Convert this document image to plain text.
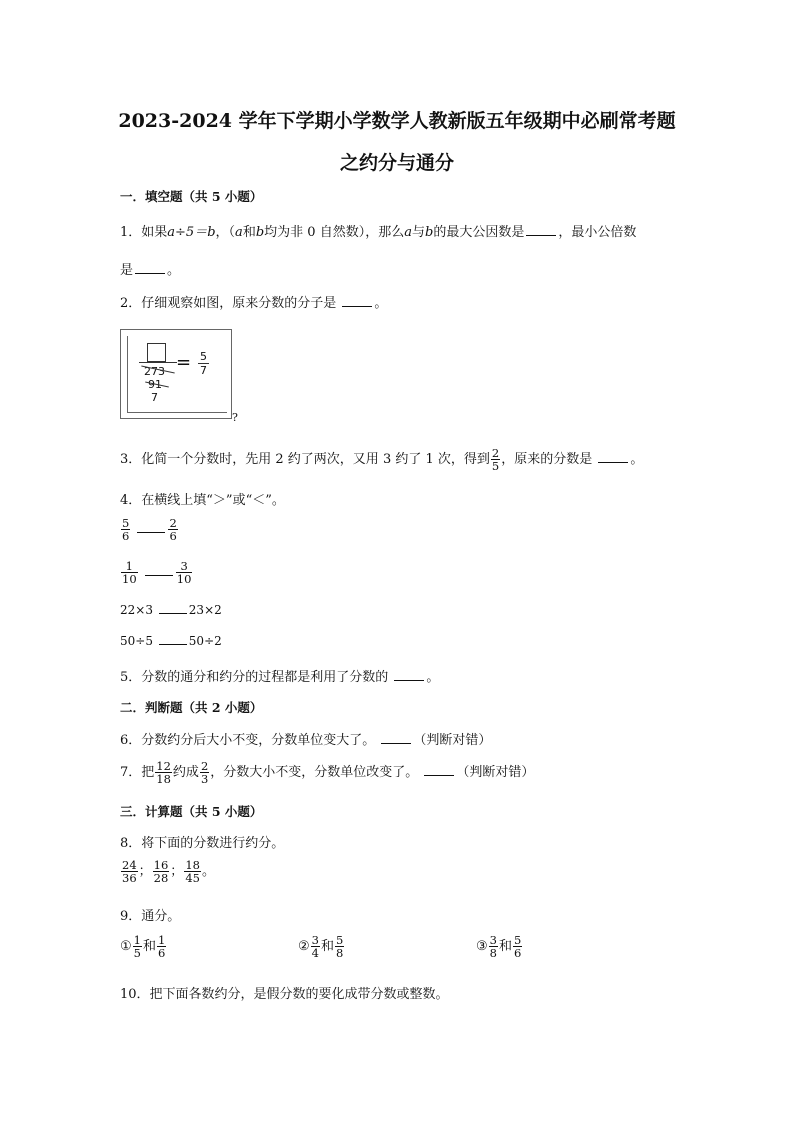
2023-2024 学年下学期小学数学人教新版五年级期中必刷常考题
之约分与通分
一．填空题（共 5 小题）
1．如果a÷5＝b，（a和b均为非 0 自然数），那么a与b的最大公因数是	，最小公倍数
是	。
2．仔细观察如图，原来分数的分子是	。
273
91
7
= 5
7
?
3．化简一个分数时，先用 2 约了两次，又用 3 约了 1 次，得到 $\frac{2}{5}$ ，原来的分数是	。
4．在横线上填“＞”或“＜”。
$\frac{5}{6}$
	$\frac{2}{6}$
$\frac{1}{10}$
	$\frac{3}{10}$
22×3	23×2
50÷5	50÷2
5．分数的通分和约分的过程都是利用了分数的	。
二．判断题（共 2 小题）
6．分数约分后大小不变，分数单位变大了。	（判断对错）
7．把 $\frac{12}{18}$ 约成 $\frac{2}{3}$ ，分数大小不变，分数单位改变了。	（判断对错）
三．计算题（共 5 小题）
8．将下面的分数进行约分。
$\frac{24}{36}$ ； $\frac{16}{28}$ ； $\frac{18}{45}$ 。
9．通分。
① $\frac{1}{5}$ 和 $\frac{1}{6}$	② $\frac{3}{4}$ 和 $\frac{5}{8}$	③ $\frac{3}{8}$ 和 $\frac{5}{6}$
10．把下面各数约分，是假分数的要化成带分数或整数。
